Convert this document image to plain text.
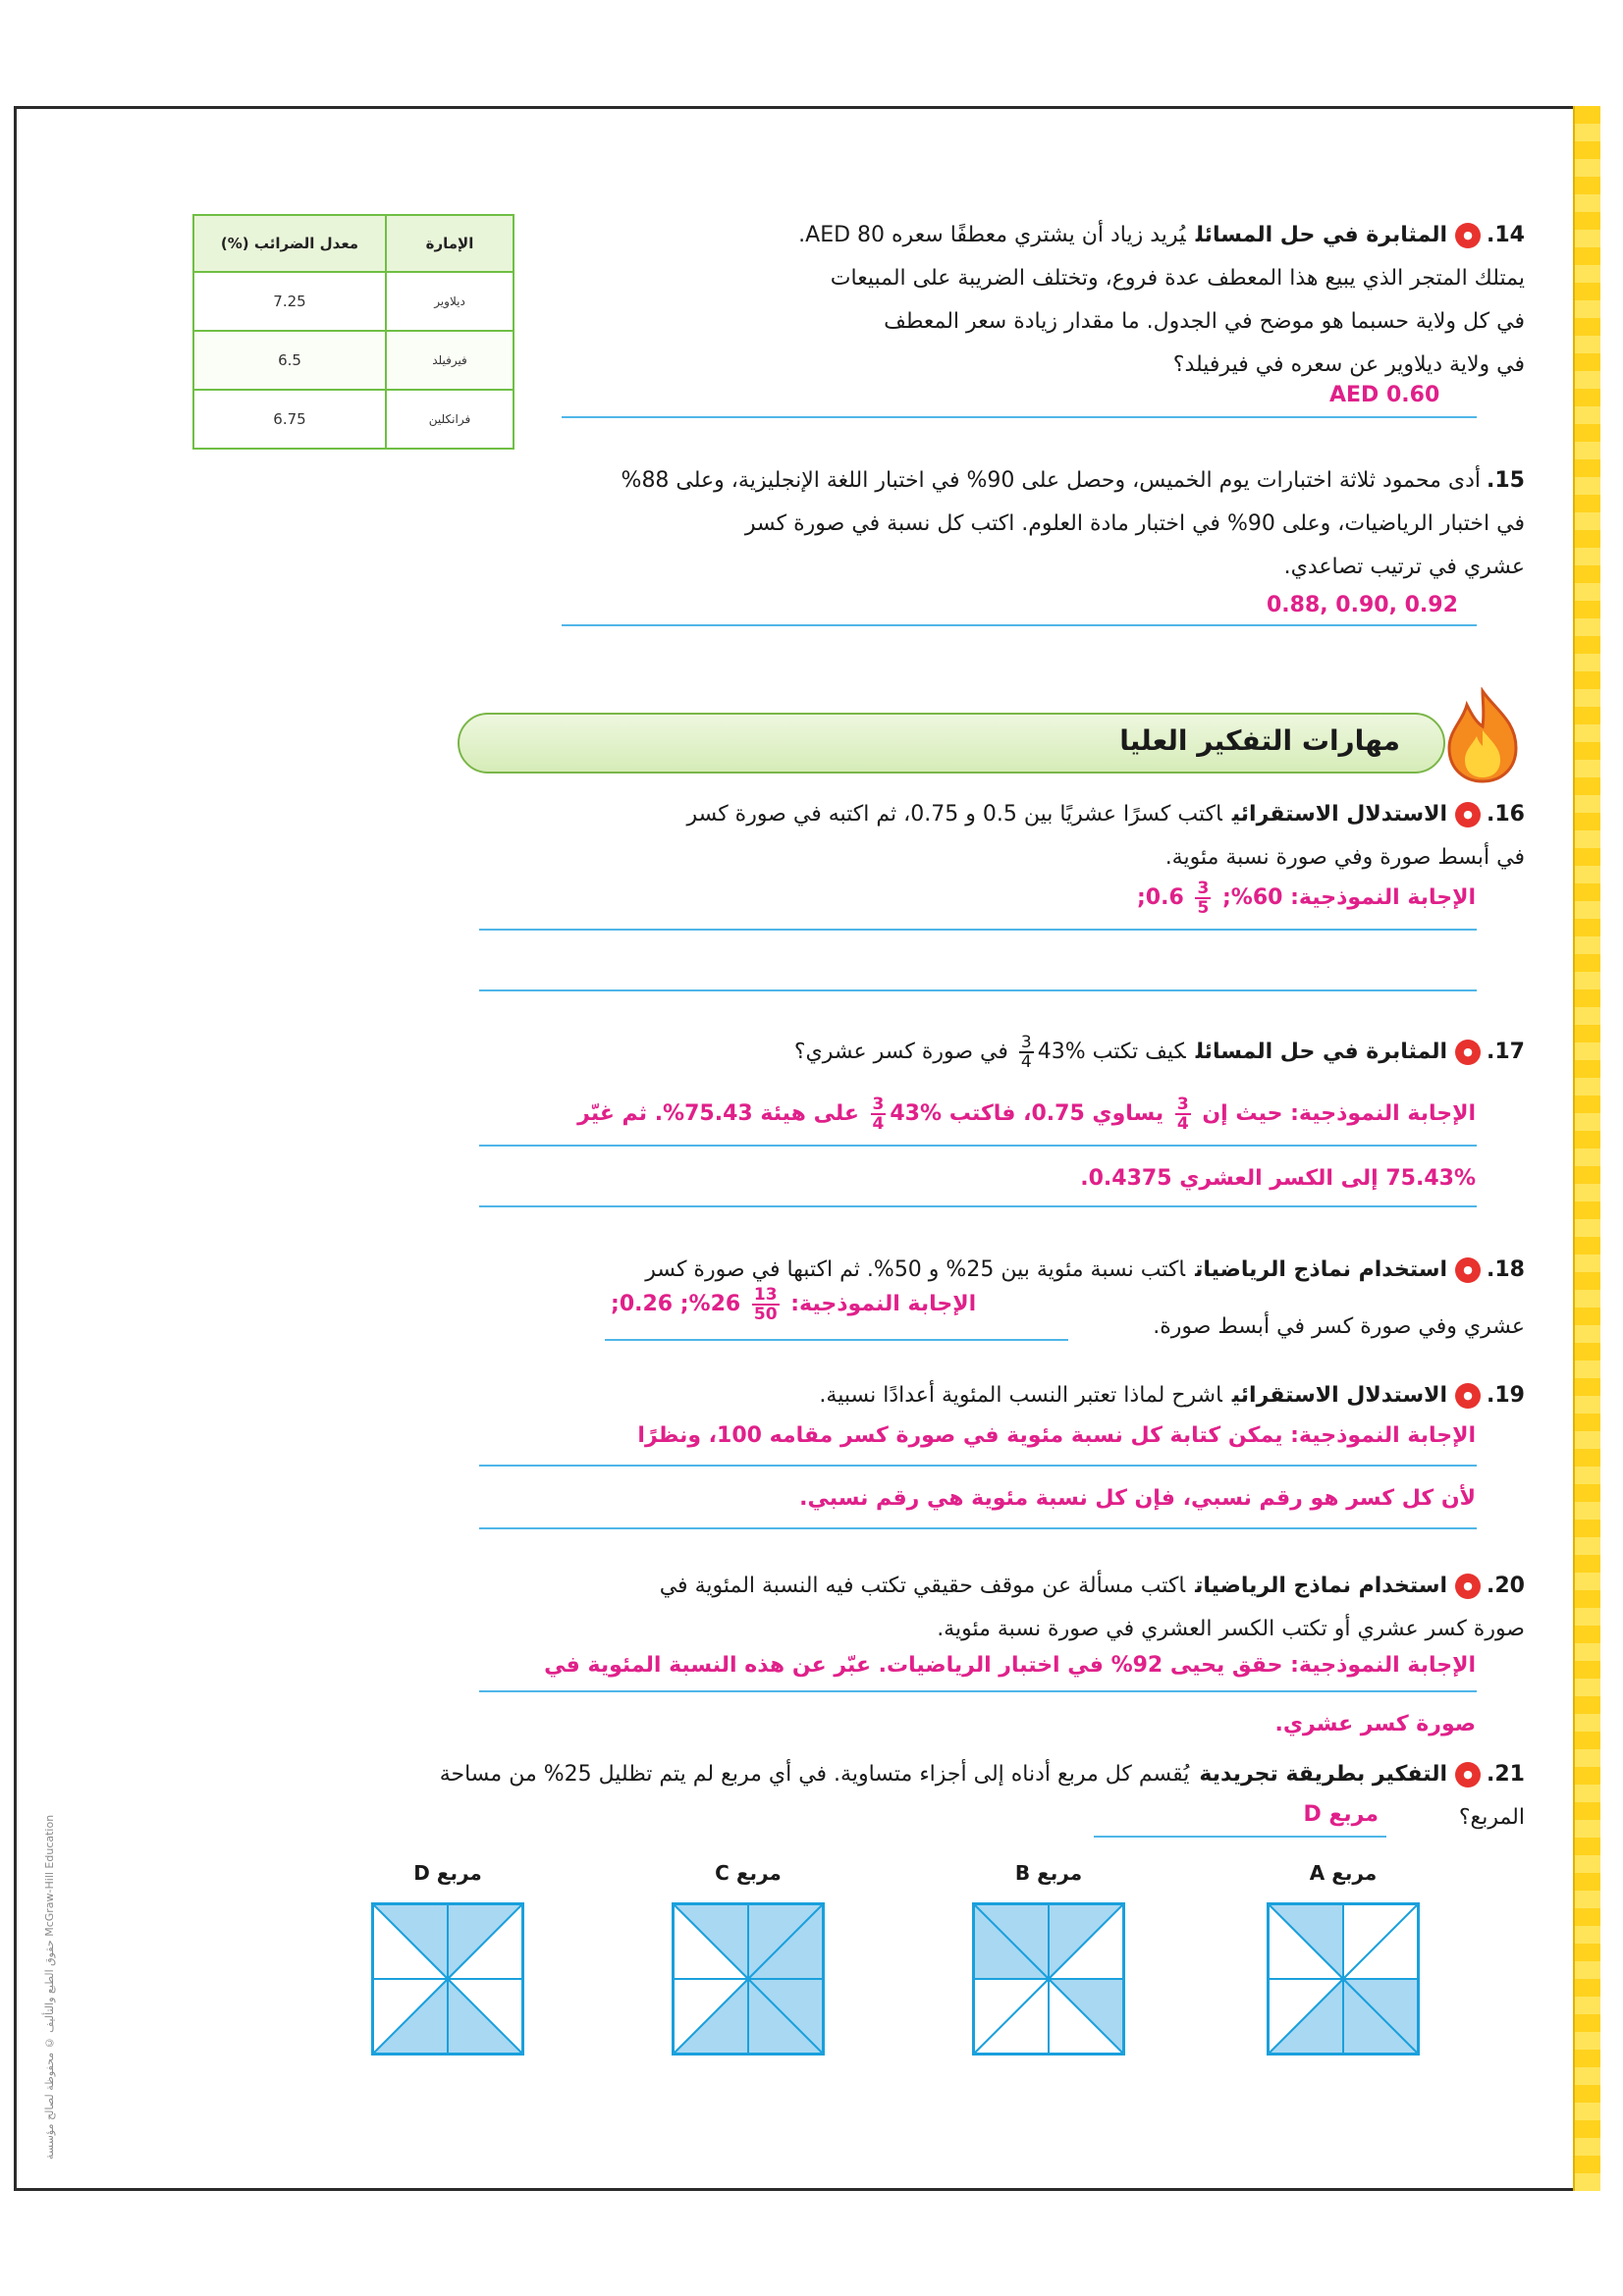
حقوق الطبع والتأليف © محفوظة لصالح مؤسسة McGraw-Hill Education
الإمارة	معدل الضرائب (%)
ديلاوير	7.25
فيرفيلد	6.5
فرانكلين	6.75
14.●المثابرة في حل المسائليُريد زياد أن يشتري معطفًا سعره AED 80.
يمتلك المتجر الذي يبيع هذا المعطف عدة فروع، وتختلف الضريبة على المبيعات
في كل ولاية حسبما هو موضح في الجدول. ما مقدار زيادة سعر المعطف
في ولاية ديلاوير عن سعره في فيرفيلد؟
AED 0.60
15.أدى محمود ثلاثة اختبارات يوم الخميس، وحصل على 90% في اختبار اللغة الإنجليزية، وعلى 88%
في اختبار الرياضيات، وعلى 90% في اختبار مادة العلوم. اكتب كل نسبة في صورة كسر
عشري في ترتيب تصاعدي.
0.88, 0.90, 0.92
مهارات التفكير العليا
16.●الاستدلال الاستقرائياكتب كسرًا عشريًا بين 0.5 و 0.75، ثم اكتبه في صورة كسر
في أبسط صورة وفي صورة نسبة مئوية.
الإجابة النموذجية: 60%;
$\frac{3}{5}$
0.6;
17.●المثابرة في حل المسائلكيف تكتب %43
$\frac{3}{4}$
في صورة كسر عشري؟
الإجابة النموذجية: حيث إن
$\frac{3}{4}$
يساوي 0.75، فاكتب %43
$\frac{3}{4}$
على هيئة 75.43%. ثم غيّر
75.43% إلى الكسر العشري 0.4375.
18.●استخدام نماذج الرياضياتاكتب نسبة مئوية بين 25% و 50%. ثم اكتبها في صورة كسر
عشري وفي صورة كسر في أبسط صورة.
الإجابة النموذجية:
$\frac{13}{50}$
26%; 0.26;
19.●الاستدلال الاستقرائياشرح لماذا تعتبر النسب المئوية أعدادًا نسبية.
الإجابة النموذجية: يمكن كتابة كل نسبة مئوية في صورة كسر مقامه 100، ونظرًا
لأن كل كسر هو رقم نسبي، فإن كل نسبة مئوية هي رقم نسبي.
20.●استخدام نماذج الرياضياتاكتب مسألة عن موقف حقيقي تكتب فيه النسبة المئوية في
صورة كسر عشري أو تكتب الكسر العشري في صورة نسبة مئوية.
الإجابة النموذجية: حقق يحيى 92% في اختبار الرياضيات. عبّر عن هذه النسبة المئوية في
صورة كسر عشري.
21.●التفكير بطريقة تجريديةيُقسم كل مربع أدناه إلى أجزاء متساوية. في أي مربع لم يتم تظليل 25% من مساحة
المربع؟
مربع D
مربع A
مربع B
مربع C
مربع D
